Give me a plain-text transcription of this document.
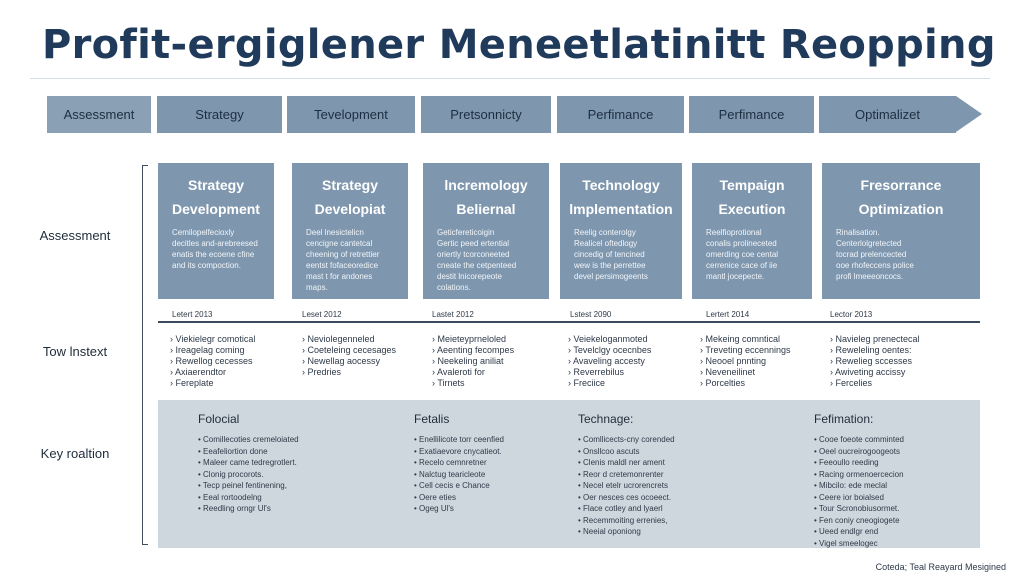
Profit-ergiglener Meneetlatinitt Reopping
Assessment	Strategy	Tevelopment	Pretsonnicty	Perfimance	Perfimance	Optimalizet
Assessment
Tow lnstext
Key roaltion
Strategy
Development
Cemilopelfecioxly
decitles and-arebreesed
enatis the ecoene cfine
and its compoction.
Strategy
Developiat
Deel lnesictelicn
cencigne cantetcal
cheening of retrettier
eentst fofaceoredice
mast t for andones
maps.
lncremology
Beliernal
Geticfereticoigin
Gertic peed ertential
oriertly tcorconeeted
cneate the cetpenteed
destit lnicorepeote
colations.
Technology
lmplementation
Reelig conterolgy
Realicel oftedlogy
cincedig of tencined
wew is the perrettee
devel persimogeents
Tempaign
Execution
Reelfioprotional
conalis prolineceted
omerding coe cental
cerrenice cace of iie
mantl jocepecte.
Fresorrance
Optimization
Rinalisation.
Centerlolgretected
tocrad prelencected
ooe rhofeccens police
profi lmeeeoncocs.
Letert 2013	Leset 2012	Lastet 2012	Lstest 2090	Lertert 2014	Lector 2013
› Viekielegr comotical
› Ireagelag coming
› Rewellog cecesses
› Axiaerendtor
› Fereplate
› Neviolegenneled
› Coeteleing cecesages
› Newellag aocessy
› Predries
› Meieteyprneloled
› Aeenting fecompes
› Neekeling aniliat
› Avaleroti for
› Tirnets
› Veiekeloganmoted
› Tevelclgy ocecnbes
› Avaveling accesty
› Reverrebilus
› Freciice
› Mekeing comntical
› Treveting eccennings
› Neooel pnnting
› Neveneilinet
› Porcelties
› Navieleg prenectecal
› Reweleling oentes:
› Rewelieg sccesses
› Awiveting accissy
› Fercelies
Folocial
• Comillecoties cremeloiated
• Eeafeliortion done
• Maleer came tedregrotlert.
• Clonig procorots.
• Tecp peinel fentinening,
• Eeal rortoodelng
• Reedling orngr Ul's
Fetalis
• Enellilicote torr ceenfied
• Exatiaevore cnycatieot.
• Recelo cemnretner
• Nalctug tearicleote
• Cell cecis e Chance
• Oere eties
• Ogeg Ul's
Technage:
• Comllicects-cny corended
• Onsllcoo ascuts
• Clenis maldl ner ament
• Reor d cretemonrenter
• Necel etelr ucrorencrets
• Oer nesces ces ocoeect.
• Flace cotley and lyaerl
• Recemmoiting errenies,
• Neeial oponiong
Fefimation:
• Cooe foeote comminted
• Oeel oucreirogoogeots
• Feeoullo reeding
• Racing ormenoercecion
• Mibcilo: ede meclal
• Ceere ior boialsed
• Tour Scronobiusormet.
• Fen coniy cneogiogete
• Ueed endlgr end
• Vigel smeelogec
Coteda; Teal Reayard Mesigined
